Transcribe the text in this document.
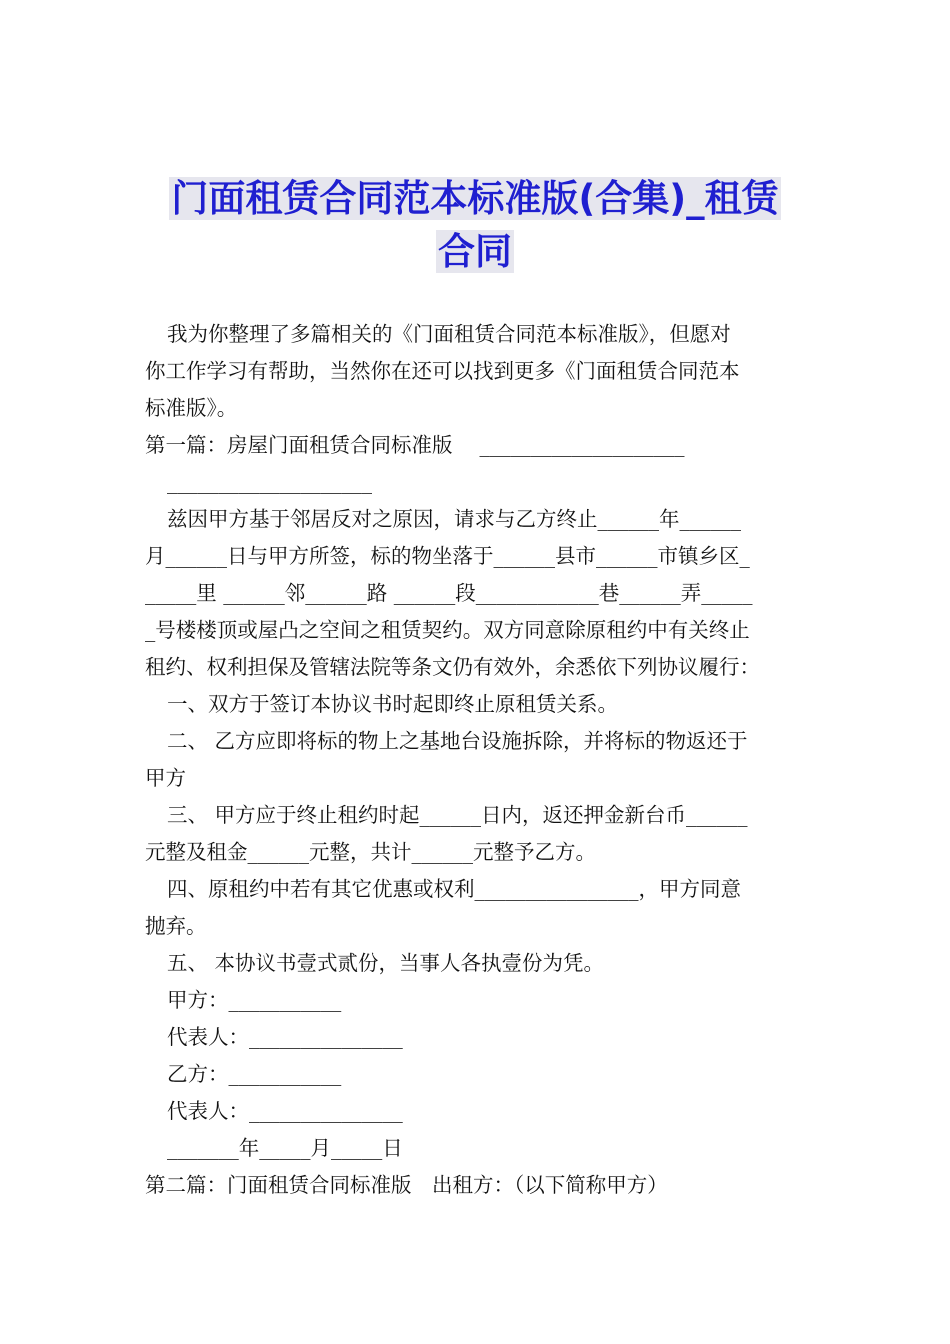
门面租赁合同范本标准版(合集)_租赁
合同
我为你整理了多篇相关的《门面租赁合同范本标准版》，但愿对
你工作学习有帮助，当然你在还可以找到更多《门面租赁合同范本
标准版》。
第一篇：房屋门面租赁合同标准版　 ____________________
____________________
兹因甲方基于邻居反对之原因，请求与乙方终止______年______
月______日与甲方所签，标的物坐落于______县市______市镇乡区_
_____里 ______邻______路 ______段____________巷______弄_____
_号楼楼顶或屋凸之空间之租赁契约。双方同意除原租约中有关终止
租约、权利担保及管辖法院等条文仍有效外，余悉依下列协议履行：
一、双方于签订本协议书时起即终止原租赁关系。
二、 乙方应即将标的物上之基地台设施拆除，并将标的物返还于
甲方
三、 甲方应于终止租约时起______日内，返还押金新台币______
元整及租金______元整，共计______元整予乙方。
四、原租约中若有其它优惠或权利________________，甲方同意
抛弃。
五、 本协议书壹式贰份，当事人各执壹份为凭。
甲方：___________
代表人：_______________
乙方：___________
代表人：_______________
_______年_____月_____日
第二篇：门面租赁合同标准版　出租方：（以下简称甲方）
